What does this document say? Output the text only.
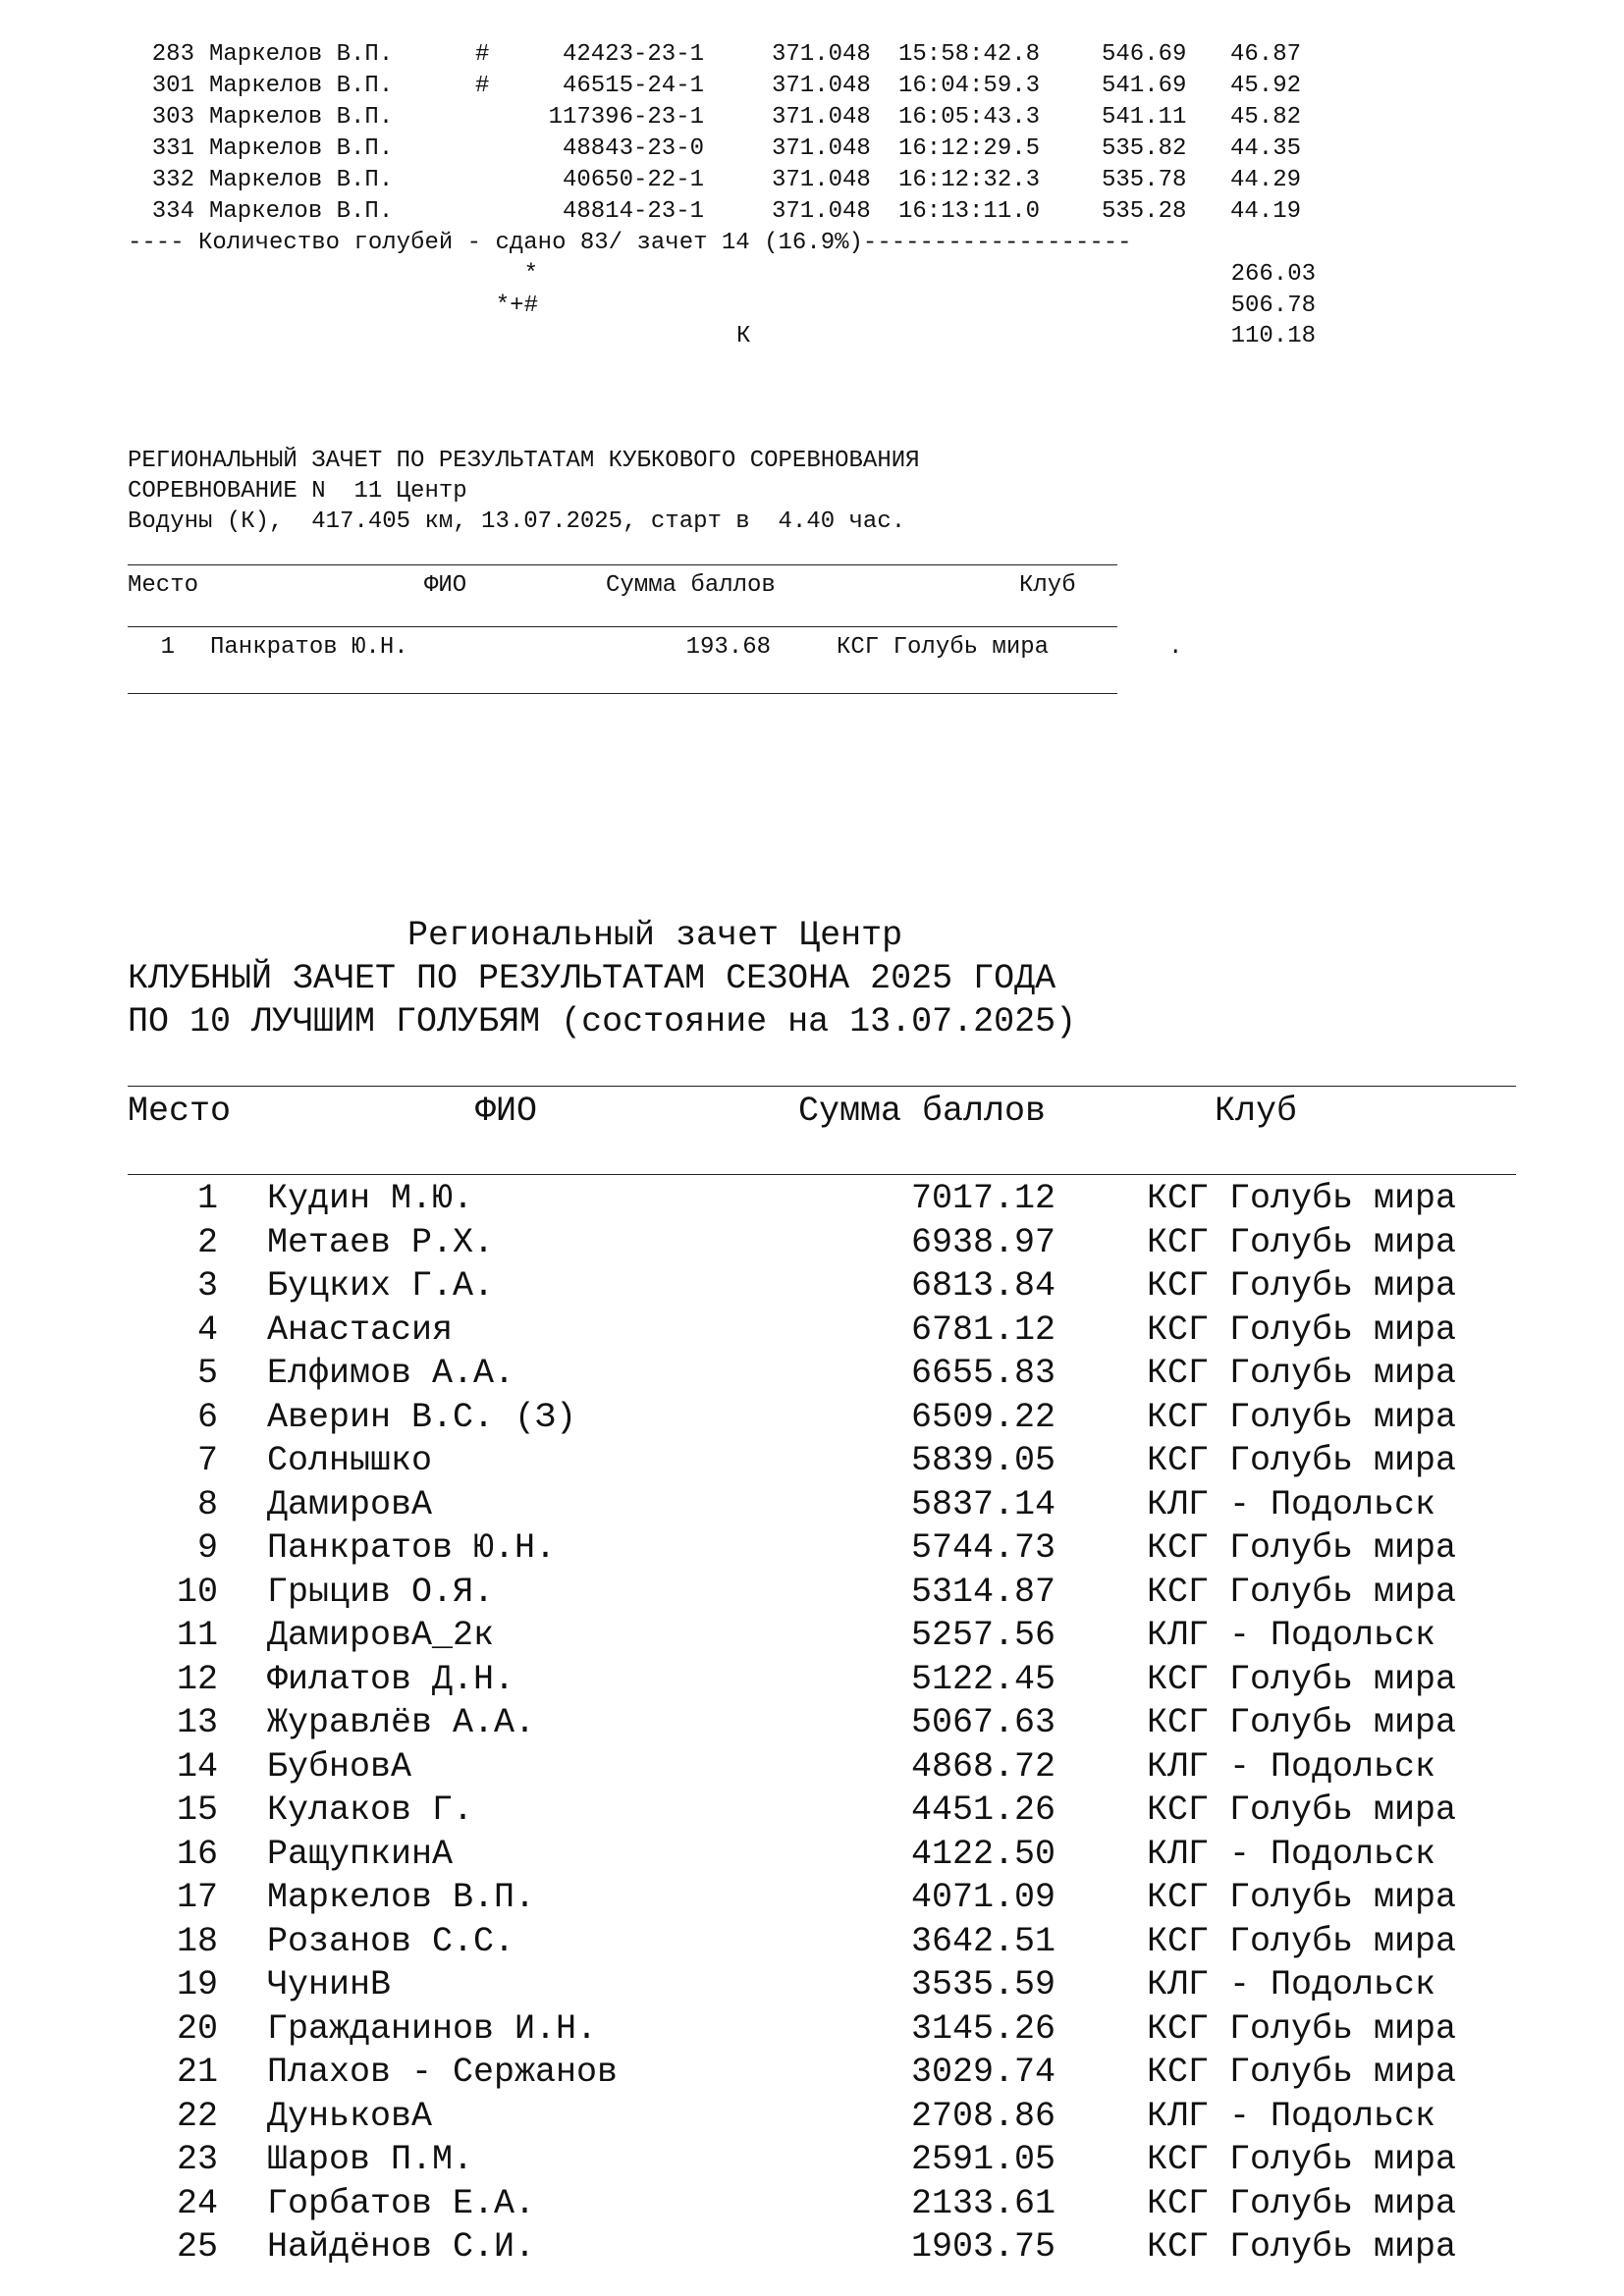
283 Маркелов В.П.	#	42423-23-1	371.048 15:58:42.8	546.69 46.87
301 Маркелов В.П.	#	46515-24-1	371.048 16:04:59.3	541.69 45.92
303 Маркелов В.П.	117396-23-1	371.048 16:05:43.3	541.11 45.82
331 Маркелов В.П.	48843-23-0	371.048 16:12:29.5	535.82 44.35
332 Маркелов В.П.	40650-22-1	371.048 16:12:32.3	535.78 44.29
334 Маркелов В.П.	48814-23-1	371.048 16:13:11.0	535.28 44.19
---- Количество голубей - сдано 83/ зачет 14 (16.9%)-------------------
*	266.03
*+#	506.78
К	110.18
РЕГИОНАЛЬНЫЙ ЗАЧЕТ ПО РЕЗУЛЬТАТАМ КУБКОВОГО СОРЕВНОВАНИЯ
СОРЕВНОВАНИЕ N  11 Центр
Водуны (К),  417.405 км, 13.07.2025, старт в  4.40 час.
Место	ФИО	Сумма баллов	Клуб
1 Панкратов Ю.Н.	193.68	КСГ Голубь мира	.
Региональный зачет Центр
КЛУБНЫЙ ЗАЧЕТ ПО РЕЗУЛЬТАТАМ СЕЗОНА 2025 ГОДА
ПО 10 ЛУЧШИМ ГОЛУБЯМ (состояние на 13.07.2025)
Место	ФИО	Сумма баллов	Клуб
1 Кудин М.Ю.	7017.12	КСГ Голубь мира
2 Метаев Р.Х.	6938.97	КСГ Голубь мира
3 Буцких Г.А.	6813.84	КСГ Голубь мира
4 Анастасия	6781.12	КСГ Голубь мира
5 Елфимов А.А.	6655.83	КСГ Голубь мира
6 Аверин В.С. (З)	6509.22	КСГ Голубь мира
7 Солнышко	5839.05	КСГ Голубь мира
8 ДамировА	5837.14	КЛГ - Подольск
9 Панкратов Ю.Н.	5744.73	КСГ Голубь мира
10 Грыцив О.Я.	5314.87	КСГ Голубь мира
11 ДамировА_2к	5257.56	КЛГ - Подольск
12 Филатов Д.Н.	5122.45	КСГ Голубь мира
13 Журавлёв А.А.	5067.63	КСГ Голубь мира
14 БубновА	4868.72	КЛГ - Подольск
15 Кулаков Г.	4451.26	КСГ Голубь мира
16 РащупкинА	4122.50	КЛГ - Подольск
17 Маркелов В.П.	4071.09	КСГ Голубь мира
18 Розанов С.С.	3642.51	КСГ Голубь мира
19 ЧунинВ	3535.59	КЛГ - Подольск
20 Гражданинов И.Н.	3145.26	КСГ Голубь мира
21 Плахов - Сержанов	3029.74	КСГ Голубь мира
22 ДуньковА	2708.86	КЛГ - Подольск
23 Шаров П.М.	2591.05	КСГ Голубь мира
24 Горбатов Е.А.	2133.61	КСГ Голубь мира
25 Найдёнов С.И.	1903.75	КСГ Голубь мира
